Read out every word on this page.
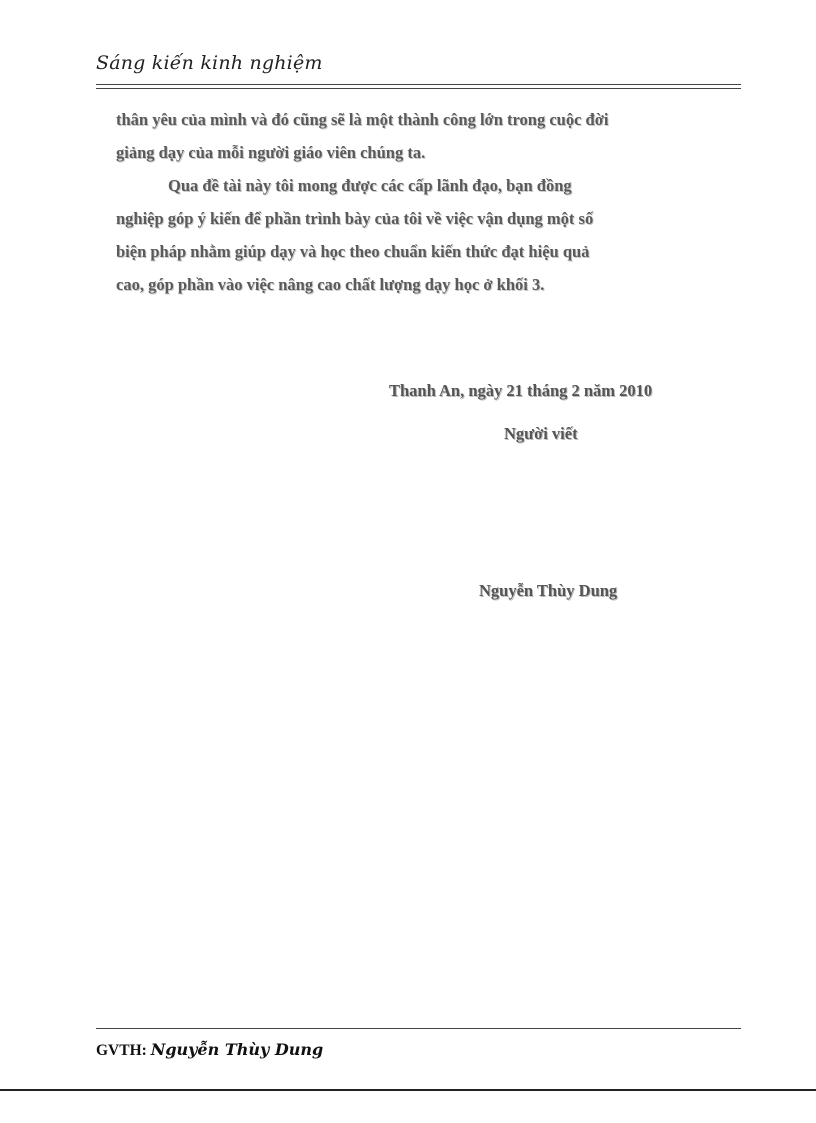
Sáng kiến kinh nghiệm

thân yêu của mình và đó cũng sẽ là một thành công lớn trong cuộc đời
giảng dạy của mỗi người giáo viên chúng ta.

Qua đề tài này tôi mong được các cấp lãnh đạo, bạn đồng
nghiệp góp ý kiến để phần trình bày của tôi về việc vận dụng một số
biện pháp nhằm giúp dạy và học theo chuẩn kiến thức đạt hiệu quả
cao, góp phần vào việc nâng cao chất lượng dạy học ở khối 3.

Thanh An, ngày 21 tháng 2 năm 2010
Người viết
Nguyễn Thùy Dung
GVTH: Nguyễn Thùy Dung
